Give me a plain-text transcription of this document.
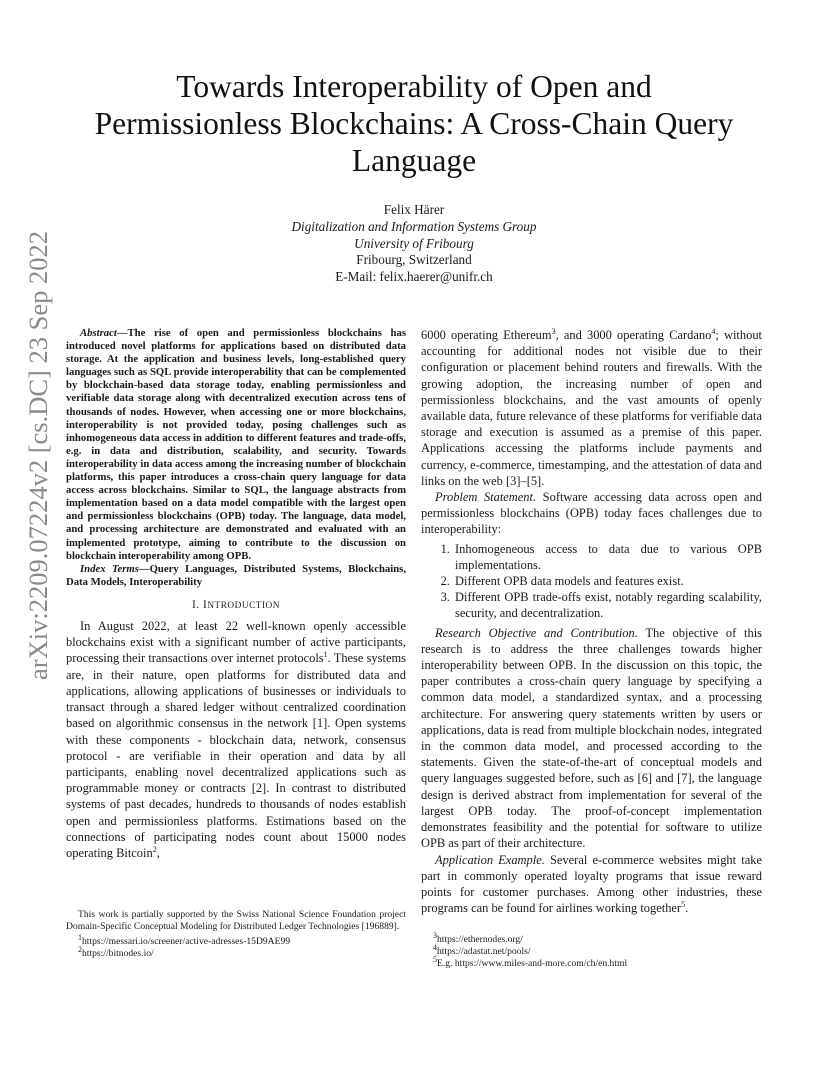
arXiv:2209.07224v2 [cs.DC] 23 Sep 2022
Towards Interoperability of Open and
Permissionless Blockchains: A Cross-Chain Query
Language
Felix Härer
Digitalization and Information Systems Group
University of Fribourg
Fribourg, Switzerland
E-Mail: felix.haerer@unifr.ch

Abstract—The rise of open and permissionless blockchains has introduced novel platforms for applications based on distributed data storage. At the application and business levels, long-established query languages such as SQL provide interoperability that can be complemented by blockchain-based data storage today, enabling permissionless and verifiable data storage along with decentralized execution across tens of thousands of nodes. However, when accessing one or more blockchains, interoperability is not provided today, posing challenges such as inhomogeneous data access in addition to different features and trade-offs, e.g. in data and distribution, scalability, and security. Towards interoperability in data access among the increasing number of blockchain platforms, this paper introduces a cross-chain query language for data access across blockchains. Similar to SQL, the language abstracts from implementation based on a data model compatible with the largest open and permissionless blockchains (OPB) today. The language, data model, and processing architecture are demonstrated and evaluated with an implemented prototype, aiming to contribute to the discussion on blockchain interoperability among OPB.

Index Terms—Query Languages, Distributed Systems, Blockchains, Data Models, Interoperability

I. INTRODUCTION

In August 2022, at least 22 well-known openly accessible blockchains exist with a significant number of active participants, processing their transactions over internet protocols$^1$. These systems are, in their nature, open platforms for distributed data and applications, allowing applications of businesses or individuals to transact through a shared ledger without centralized coordination based on algorithmic consensus in the network [1]. Open systems with these components - blockchain data, network, consensus protocol - are verifiable in their operation and data by all participants, enabling novel decentralized applications such as programmable money or contracts [2]. In contrast to distributed systems of past decades, hundreds to thousands of nodes establish open and permissionless platforms. Estimations based on the connections of participating nodes count about 15000 nodes operating Bitcoin$^2$,

6000 operating Ethereum$^3$, and 3000 operating Cardano$^4$; without accounting for additional nodes not visible due to their configuration or placement behind routers and firewalls. With the growing adoption, the increasing number of open and permissionless blockchains, and the vast amounts of openly available data, future relevance of these platforms for verifiable data storage and execution is assumed as a premise of this paper. Applications accessing the platforms include payments and currency, e-commerce, timestamping, and the attestation of data and links on the web [3]–[5].

Problem Statement. Software accessing data across open and permissionless blockchains (OPB) today faces challenges due to interoperability:

1. Inhomogeneous access to data due to various OPB implementations.
2. Different OPB data models and features exist.
3. Different OPB trade-offs exist, notably regarding scalability, security, and decentralization.

Research Objective and Contribution. The objective of this research is to address the three challenges towards higher interoperability between OPB. In the discussion on this topic, the paper contributes a cross-chain query language by specifying a common data model, a standardized syntax, and a processing architecture. For answering query statements written by users or applications, data is read from multiple blockchain nodes, integrated in the common data model, and processed according to the statements. Given the state-of-the-art of conceptual models and query languages suggested before, such as [6] and [7], the language design is derived abstract from implementation for several of the largest OPB today. The proof-of-concept implementation demonstrates feasibility and the potential for software to utilize OPB as part of their architecture.

Application Example. Several e-commerce websites might take part in commonly operated loyalty programs that issue reward points for customer purchases. Among other industries, these programs can be found for airlines working together$^5$.

This work is partially supported by the Swiss National Science Foundation project Domain-Specific Conceptual Modeling for Distributed Ledger Technologies [196889].

$^1$https://messari.io/screener/active-adresses-15D9AE99

$^2$https://bitnodes.io/

$^3$https://ethernodes.org/

$^4$https://adastat.net/pools/

$^5$E.g. https://www.miles-and-more.com/ch/en.html
